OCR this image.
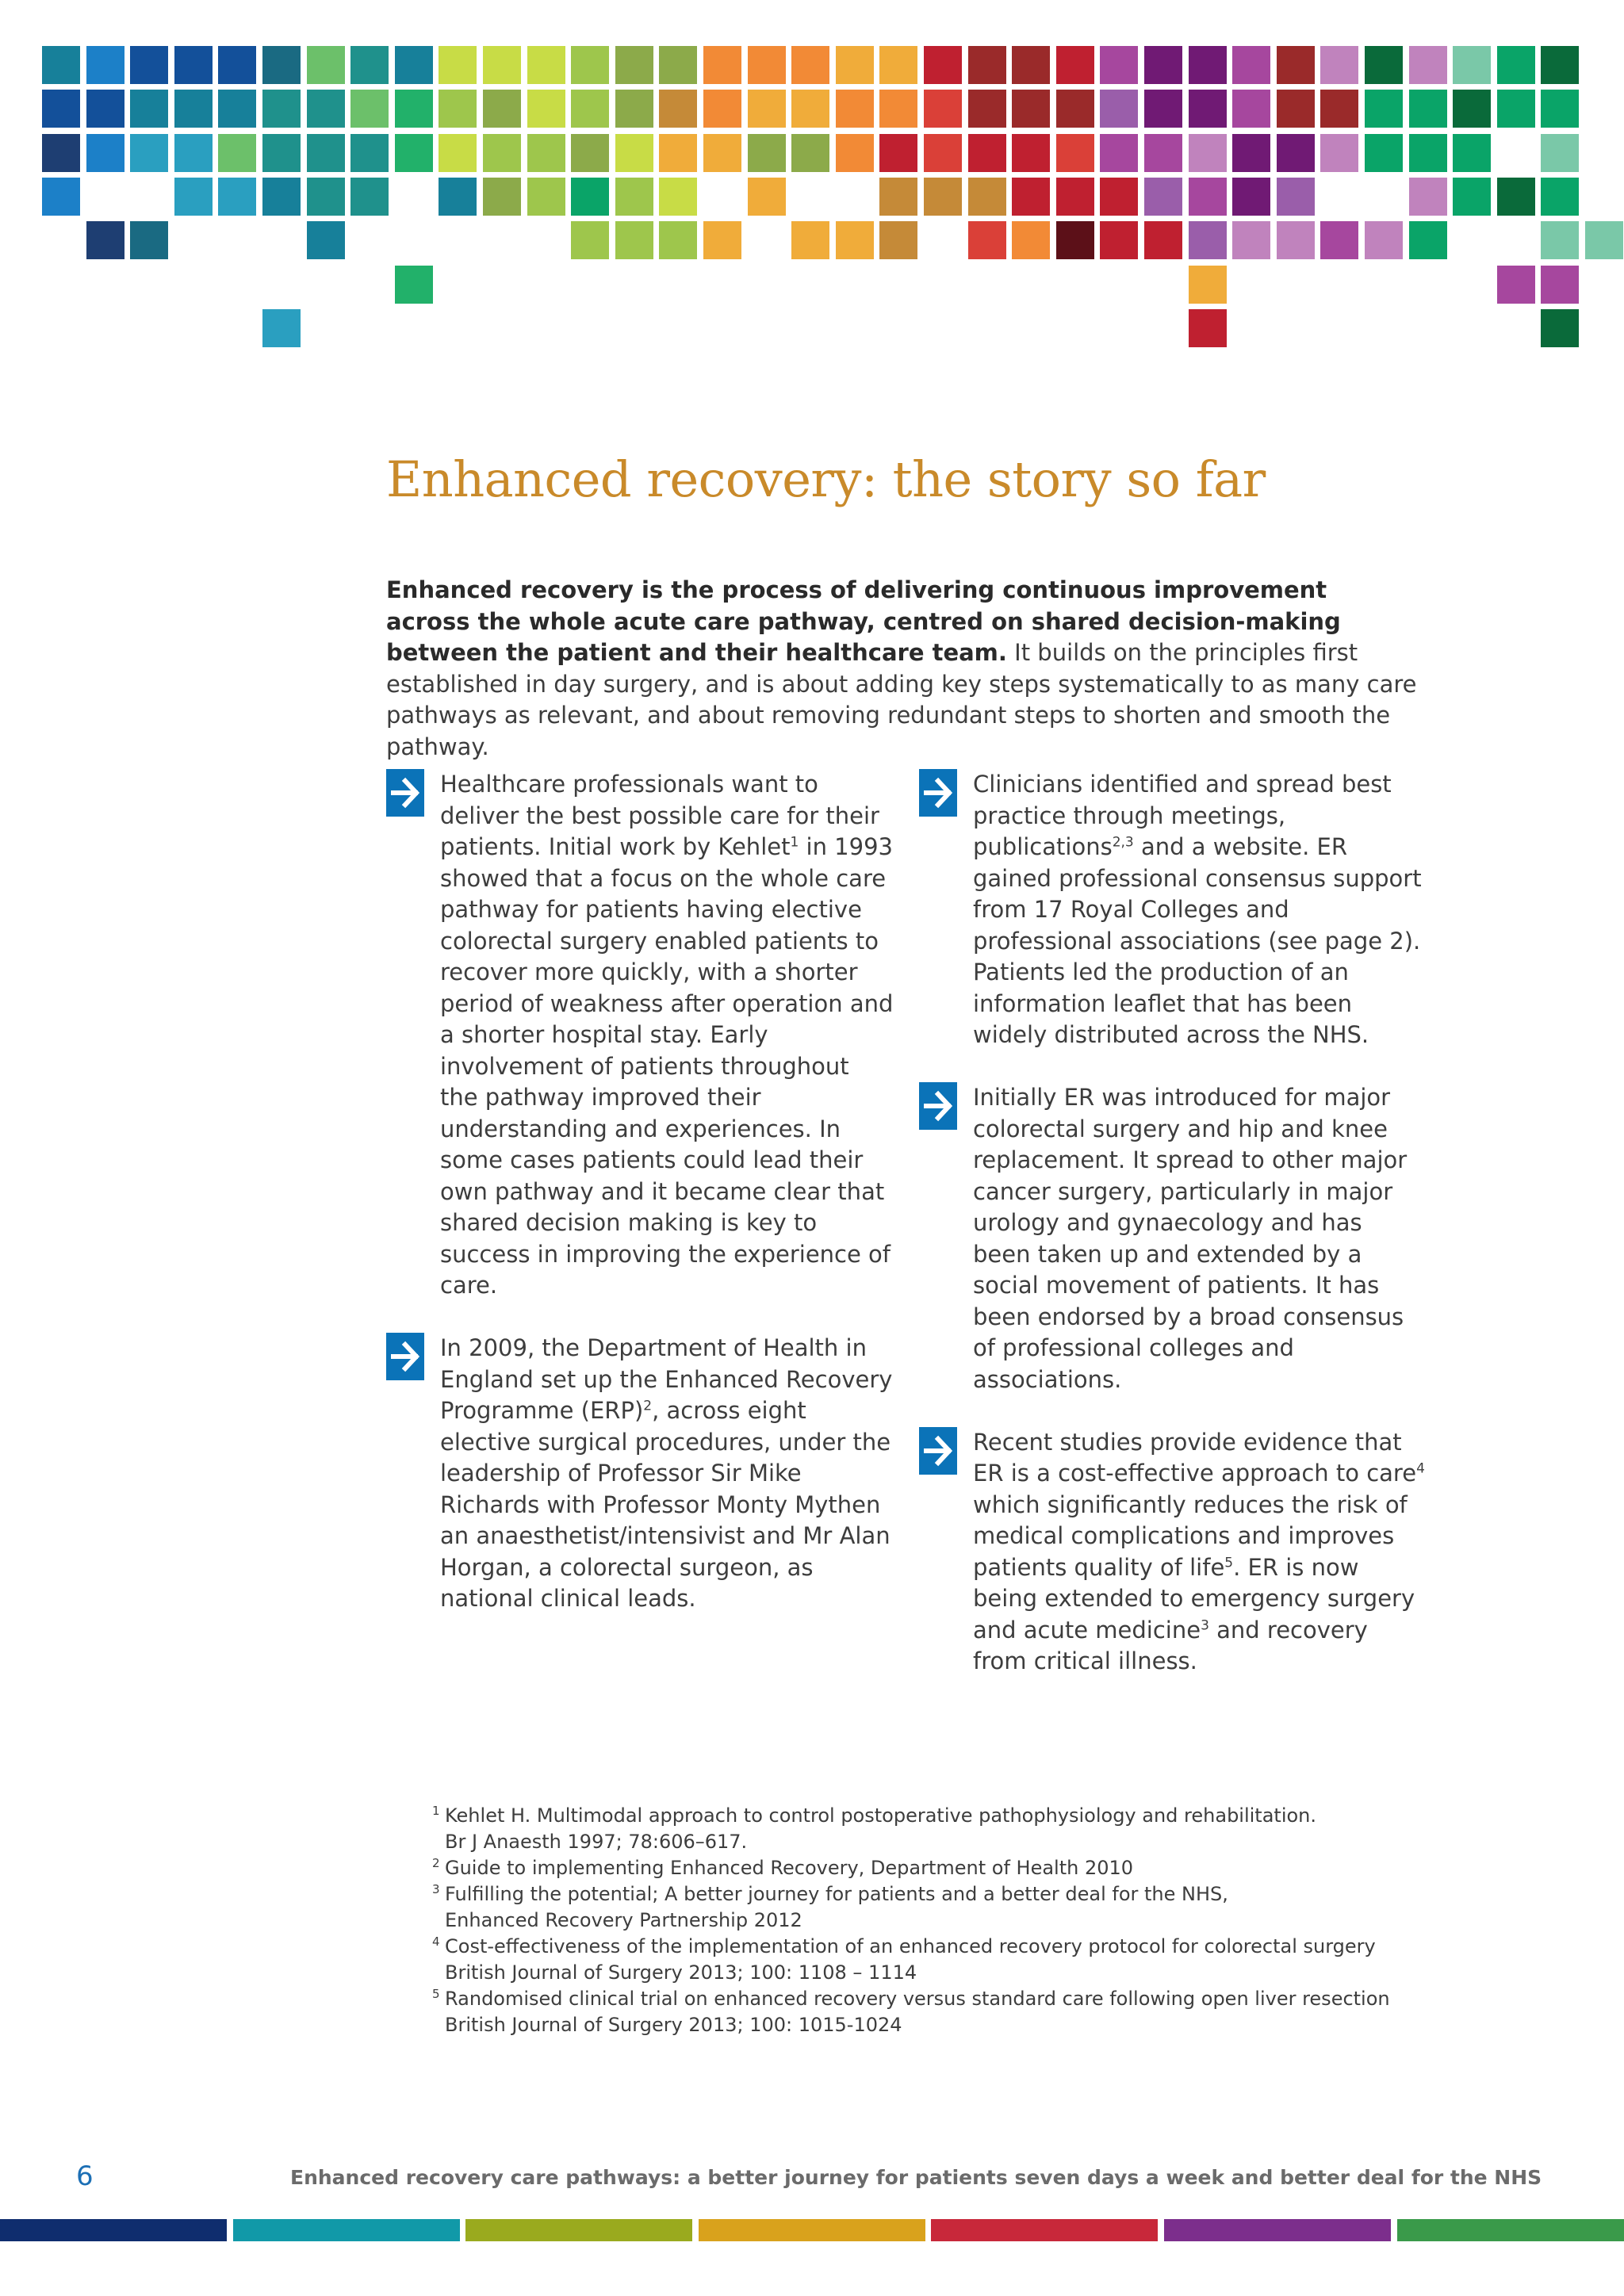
Enhanced recovery: the story so far

Enhanced recovery is the process of delivering continuous improvement across the whole acute care pathway, centred on shared decision-making between the patient and their healthcare team. It builds on the principles first established in day surgery, and is about adding key steps systematically to as many care pathways as relevant, and about removing redundant steps to shorten and smooth the pathway.

Healthcare professionals want to deliver the best possible care for their patients. Initial work by Kehlet$^1$ in 1993 showed that a focus on the whole care pathway for patients having elective colorectal surgery enabled patients to recover more quickly, with a shorter period of weakness after operation and a shorter hospital stay. Early involvement of patients throughout the pathway improved their understanding and experiences. In some cases patients could lead their own pathway and it became clear that shared decision making is key to success in improving the experience of care.

In 2009, the Department of Health in England set up the Enhanced Recovery Programme (ERP)$^2$, across eight elective surgical procedures, under the leadership of Professor Sir Mike Richards with Professor Monty Mythen an anaesthetist/intensivist and Mr Alan Horgan, a colorectal surgeon, as national clinical leads.

Clinicians identified and spread best practice through meetings, publications$^{2,3}$ and a website. ER gained professional consensus support from 17 Royal Colleges and professional associations (see page 2). Patients led the production of an information leaflet that has been widely distributed across the NHS.

Initially ER was introduced for major colorectal surgery and hip and knee replacement. It spread to other major cancer surgery, particularly in major urology and gynaecology and has been taken up and extended by a social movement of patients. It has been endorsed by a broad consensus of professional colleges and associations.

Recent studies provide evidence that ER is a cost-effective approach to care$^4$ which significantly reduces the risk of medical complications and improves patients quality of life$^5$. ER is now being extended to emergency surgery and acute medicine$^3$ and recovery from critical illness.

1 Kehlet H. Multimodal approach to control postoperative pathophysiology and rehabilitation.
Br J Anaesth 1997; 78:606–617.
2 Guide to implementing Enhanced Recovery, Department of Health 2010
3 Fulfilling the potential; A better journey for patients and a better deal for the NHS,
Enhanced Recovery Partnership 2012
4 Cost-effectiveness of the implementation of an enhanced recovery protocol for colorectal surgery
British Journal of Surgery 2013; 100: 1108 – 1114
5 Randomised clinical trial on enhanced recovery versus standard care following open liver resection
British Journal of Surgery 2013; 100: 1015-1024
6	Enhanced recovery care pathways: a better journey for patients seven days a week and better deal for the NHS
